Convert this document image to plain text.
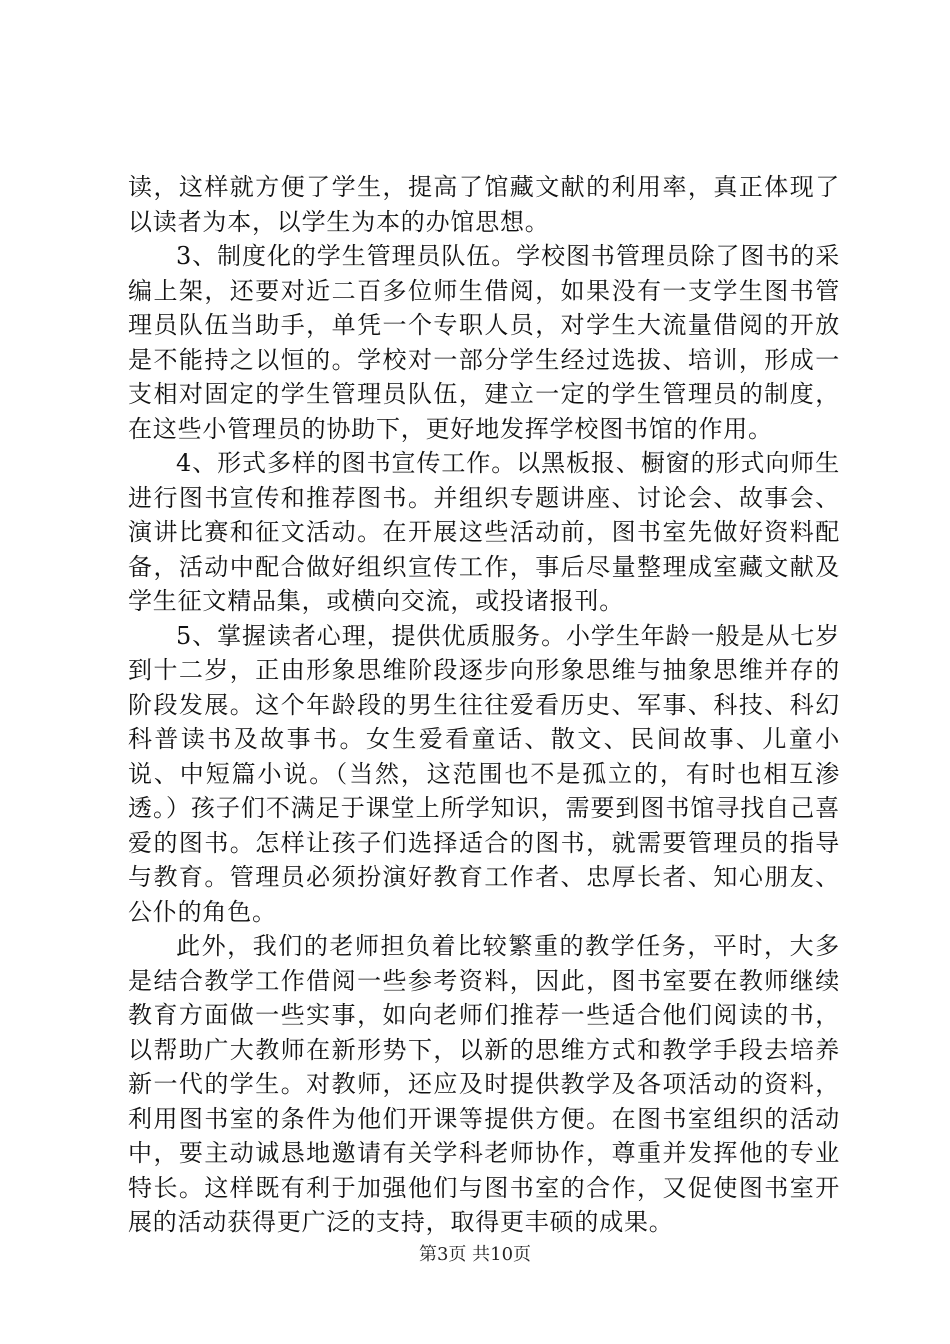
读，这样就方便了学生，提高了馆藏文献的利用率，真正体现了以读者为本，以学生为本的办馆思想。

3、制度化的学生管理员队伍。学校图书管理员除了图书的采编上架，还要对近二百多位师生借阅，如果没有一支学生图书管理员队伍当助手，单凭一个专职人员，对学生大流量借阅的开放是不能持之以恒的。学校对一部分学生经过选拔、培训，形成一支相对固定的学生管理员队伍，建立一定的学生管理员的制度，在这些小管理员的协助下，更好地发挥学校图书馆的作用。

4、形式多样的图书宣传工作。以黑板报、橱窗的形式向师生进行图书宣传和推荐图书。并组织专题讲座、讨论会、故事会、演讲比赛和征文活动。在开展这些活动前，图书室先做好资料配备，活动中配合做好组织宣传工作，事后尽量整理成室藏文献及学生征文精品集，或横向交流，或投诸报刊。

5、掌握读者心理，提供优质服务。小学生年龄一般是从七岁到十二岁，正由形象思维阶段逐步向形象思维与抽象思维并存的阶段发展。这个年龄段的男生往往爱看历史、军事、科技、科幻科普读书及故事书。女生爱看童话、散文、民间故事、儿童小说、中短篇小说。（当然，这范围也不是孤立的，有时也相互渗透。）孩子们不满足于课堂上所学知识，需要到图书馆寻找自己喜爱的图书。怎样让孩子们选择适合的图书，就需要管理员的指导与教育。管理员必须扮演好教育工作者、忠厚长者、知心朋友、公仆的角色。

此外，我们的老师担负着比较繁重的教学任务，平时，大多是结合教学工作借阅一些参考资料，因此，图书室要在教师继续教育方面做一些实事，如向老师们推荐一些适合他们阅读的书，以帮助广大教师在新形势下，以新的思维方式和教学手段去培养新一代的学生。对教师，还应及时提供教学及各项活动的资料，利用图书室的条件为他们开课等提供方便。在图书室组织的活动中，要主动诚恳地邀请有关学科老师协作，尊重并发挥他的专业特长。这样既有利于加强他们与图书室的合作，又促使图书室开展的活动获得更广泛的支持，取得更丰硕的成果。

第3页 共10页
